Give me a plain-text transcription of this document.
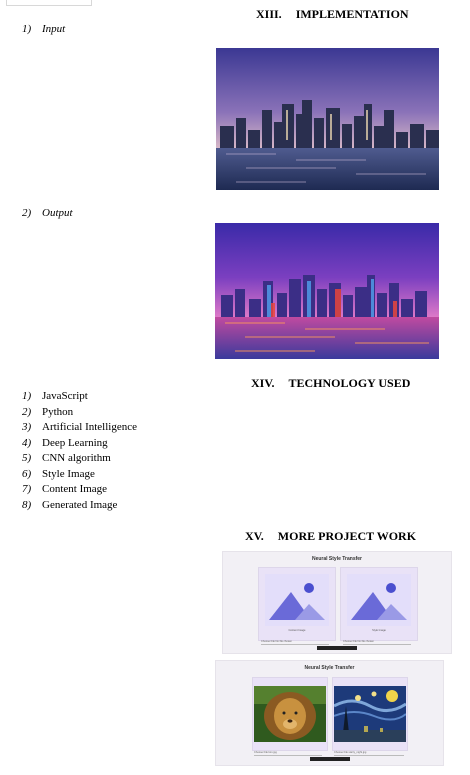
XIII. IMPLEMENTATION
1) Input
2) Output
XIV. TECHNOLOGY USED
1) JavaScript
2) Python
3) Artificial Intelligence
4) Deep Learning
5) CNN algorithm
6) Style Image
7) Content Image
8) Generated Image
XV. MORE PROJECT WORK
Neural Style Transfer
Content Image	Style Image
Choose File No file chosen	Choose File No file chosen
Neural Style Transfer
Choose File lion.jpg	Choose File starry_night.jpg
